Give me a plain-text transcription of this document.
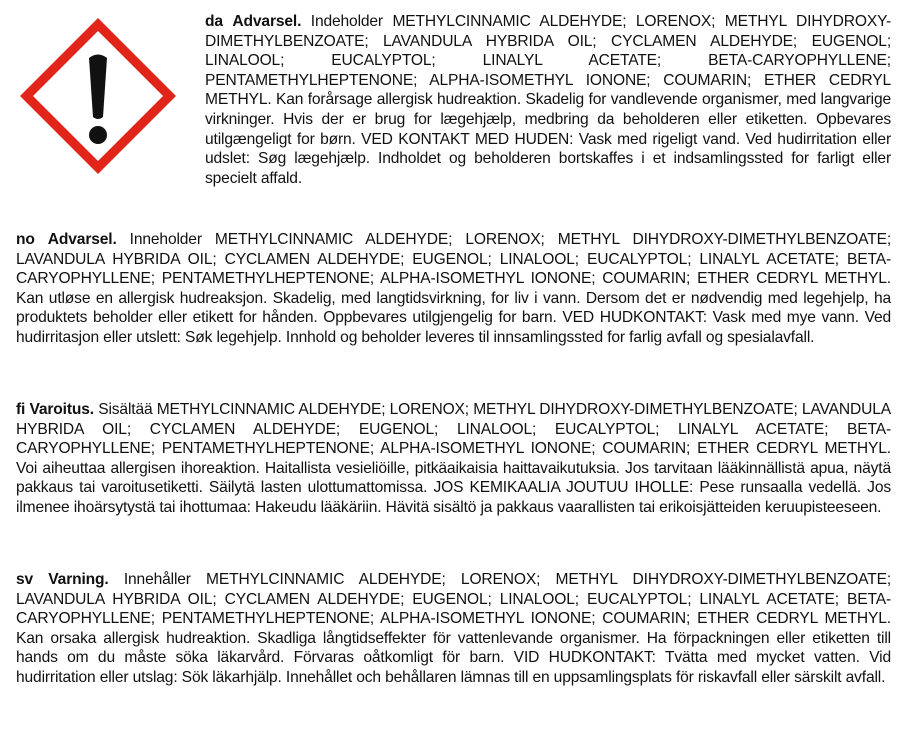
da Advarsel. Indeholder METHYLCINNAMIC ALDEHYDE; LORENOX; METHYL DIHYDROXY-DIMETHYLBENZOATE; LAVANDULA HYBRIDA OIL; CYCLAMEN ALDEHYDE; EUGENOL; LINALOOL; EUCALYPTOL; LINALYL ACETATE; BETA-CARYOPHYLLENE; PENTAMETHYLHEPTENONE; ALPHA-ISOMETHYL IONONE; COUMARIN; ETHER CEDRYL METHYL. Kan forårsage allergisk hudreaktion. Skadelig for vandlevende organismer, med langvarige virkninger. Hvis der er brug for lægehjælp, medbring da beholderen eller etiketten. Opbevares utilgængeligt for børn. VED KONTAKT MED HUDEN: Vask med rigeligt vand. Ved hudirritation eller udslet: Søg lægehjælp. Indholdet og beholderen bortskaffes i et indsamlingssted for farligt eller specielt affald.

no Advarsel. Inneholder METHYLCINNAMIC ALDEHYDE; LORENOX; METHYL DIHYDROXY-DIMETHYLBENZOATE; LAVANDULA HYBRIDA OIL; CYCLAMEN ALDEHYDE; EUGENOL; LINALOOL; EUCALYPTOL; LINALYL ACETATE; BETA-CARYOPHYLLENE; PENTAMETHYLHEPTENONE; ALPHA-ISOMETHYL IONONE; COUMARIN; ETHER CEDRYL METHYL. Kan utløse en allergisk hudreaksjon. Skadelig, med langtidsvirkning, for liv i vann. Dersom det er nødvendig med legehjelp, ha produktets beholder eller etikett for hånden. Oppbevares utilgjengelig for barn. VED HUDKONTAKT: Vask med mye vann. Ved hudirritasjon eller utslett: Søk legehjelp. Innhold og beholder leveres til innsamlingssted for farlig avfall og spesialavfall.

fi Varoitus. Sisältää METHYLCINNAMIC ALDEHYDE; LORENOX; METHYL DIHYDROXY-DIMETHYLBENZOATE; LAVANDULA HYBRIDA OIL; CYCLAMEN ALDEHYDE; EUGENOL; LINALOOL; EUCALYPTOL; LINALYL ACETATE; BETA-CARYOPHYLLENE; PENTAMETHYLHEPTENONE; ALPHA-ISOMETHYL IONONE; COUMARIN; ETHER CEDRYL METHYL. Voi aiheuttaa allergisen ihoreaktion. Haitallista vesieliöille, pitkäaikaisia haittavaikutuksia. Jos tarvitaan lääkinnällistä apua, näytä pakkaus tai varoitusetiketti. Säilytä lasten ulottumattomissa. JOS KEMIKAALIA JOUTUU IHOLLE: Pese runsaalla vedellä. Jos ilmenee ihoärsytystä tai ihottumaa: Hakeudu lääkäriin. Hävitä sisältö ja pakkaus vaarallisten tai erikoisjätteiden keruupisteeseen.

sv Varning. Innehåller METHYLCINNAMIC ALDEHYDE; LORENOX; METHYL DIHYDROXY-DIMETHYLBENZOATE; LAVANDULA HYBRIDA OIL; CYCLAMEN ALDEHYDE; EUGENOL; LINALOOL; EUCALYPTOL; LINALYL ACETATE; BETA-CARYOPHYLLENE; PENTAMETHYLHEPTENONE; ALPHA-ISOMETHYL IONONE; COUMARIN; ETHER CEDRYL METHYL. Kan orsaka allergisk hudreaktion. Skadliga långtidseffekter för vattenlevande organismer. Ha förpackningen eller etiketten till hands om du måste söka läkarvård. Förvaras oåtkomligt för barn. VID HUDKONTAKT: Tvätta med mycket vatten. Vid hudirritation eller utslag: Sök läkarhjälp. Innehållet och behållaren lämnas till en uppsamlingsplats för riskavfall eller särskilt avfall.
